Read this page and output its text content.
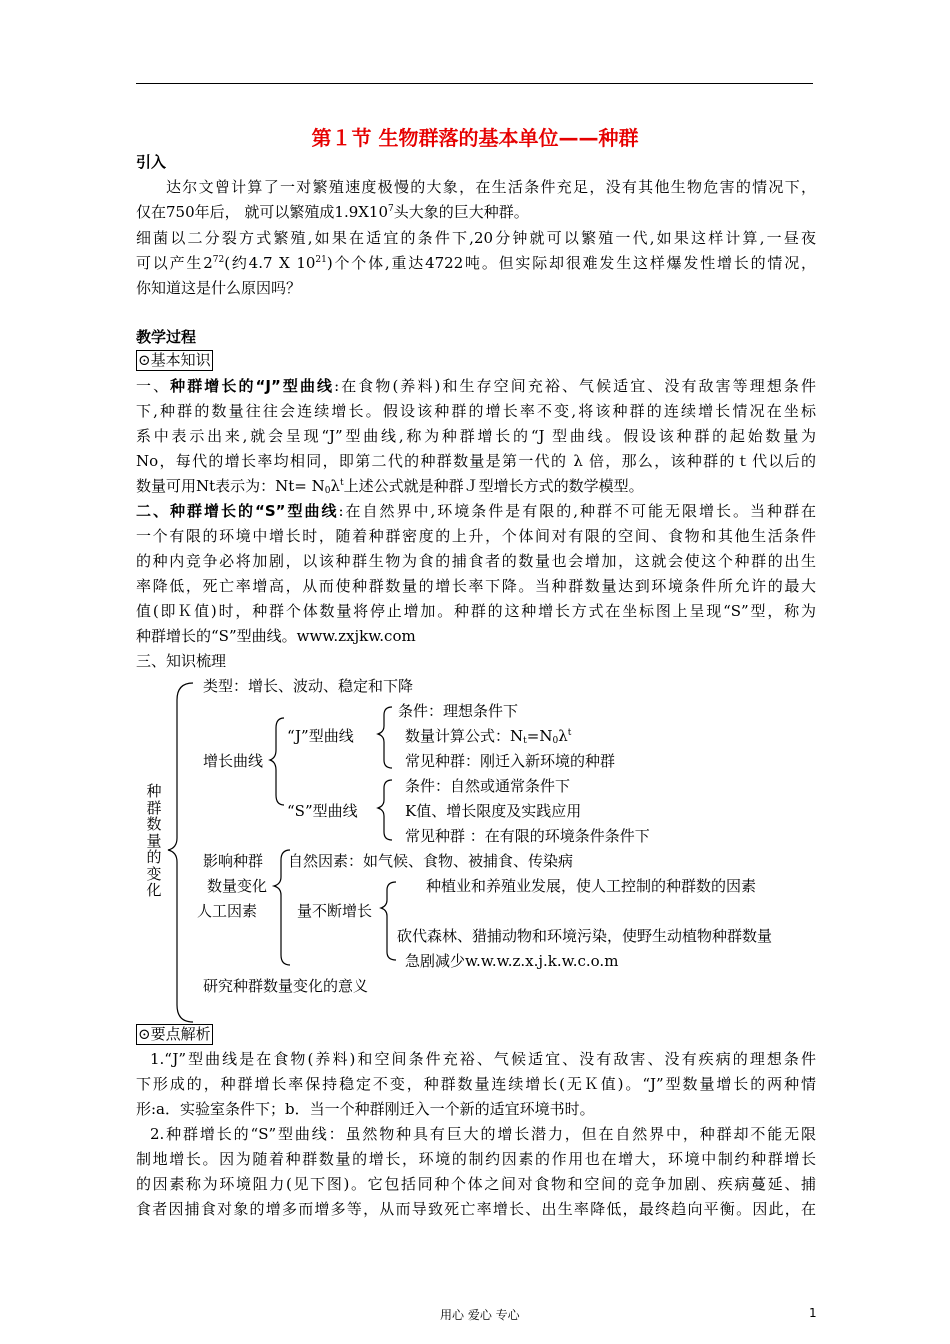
第１节 生物群落的基本单位——种群
引入
达尔文曾计算了一对繁殖速度极慢的大象，在生活条件充足，没有其他生物危害的情况下，
仅在750年后， 就可以繁殖成$1.9X10^7$头大象的巨大种群。
细菌以二分裂方式繁殖,如果在适宜的条件下,20分钟就可以繁殖一代,如果这样计算,一昼夜
可以产生$2^{72}$(约4.7 X $10^{21}$)个个体,重达4722吨。但实际却很难发生这样爆发性增长的情况，
你知道这是什么原因吗？
教学过程
⊙基本知识
一、种群增长的“J”型曲线:在食物(养料)和生存空间充裕、气候适宜、没有敌害等理想条件
下,种群的数量往往会连续增长。假设该种群的增长率不变,将该种群的连续增长情况在坐标
系中表示出来,就会呈现“J”型曲线,称为种群增长的“J 型曲线。假设该种群的起始数量为
No，每代的增长率均相同，即第二代的种群数量是第一代的 λ 倍，那么，该种群的ｔ代以后的
数量可用Nt表示为：$Nt= N_0\lambda^t$上述公式就是种群Ｊ型增长方式的数学模型。
二、种群增长的“S”型曲线:在自然界中,环境条件是有限的,种群不可能无限增长。当种群在
一个有限的环境中增长时，随着种群密度的上升，个体间对有限的空间、食物和其他生活条件
的种内竞争必将加剧，以该种群生物为食的捕食者的数量也会增加，这就会使这个种群的出生
率降低，死亡率增高，从而使种群数量的增长率下降。当种群数量达到环境条件所允许的最大
值(即Ｋ值)时，种群个体数量将停止增加。种群的这种增长方式在坐标图上呈现“S”型，称为
种群增长的“S”型曲线。www.zxjkw.com
三、知识梳理
种群数量的变化
类型：增长、波动、稳定和下降
增长曲线
“J”型曲线
条件：理想条件下
数量计算公式：$N_t=N_0\lambda^t$
常见种群：刚迁入新环境的种群
“S”型曲线
条件：自然或通常条件下
K值、增长限度及实践应用
常见种群 ：在有限的环境条件条件下
影响种群 自然因素：如气候、食物、被捕食、传染病
数量变化
人工因素	量不断增长
种植业和养殖业发展，使人工控制的种群数的因素
砍代森林、猎捕动物和环境污染，使野生动植物种群数量
急剧减少w.w.w.z.x.j.k.w.c.o.m
研究种群数量变化的意义
⊙要点解析
1.“J”型曲线是在食物(养料)和空间条件充裕、气候适宜、没有敌害、没有疾病的理想条件
下形成的，种群增长率保持稳定不变，种群数量连续增长(无Ｋ值)。“J”型数量增长的两种情
形:a．实验室条件下；b．当一个种群刚迁入一个新的适宜环境书时。
2.种群增长的“S”型曲线：虽然物种具有巨大的增长潜力，但在自然界中，种群却不能无限
制地增长。因为随着种群数量的增长，环境的制约因素的作用也在增大，环境中制约种群增长
的因素称为环境阻力(见下图)。它包括同种个体之间对食物和空间的竞争加剧、疾病蔓延、捕
食者因捕食对象的增多而增多等，从而导致死亡率增长、出生率降低，最终趋向平衡。因此，在
用心 爱心 专心	1
